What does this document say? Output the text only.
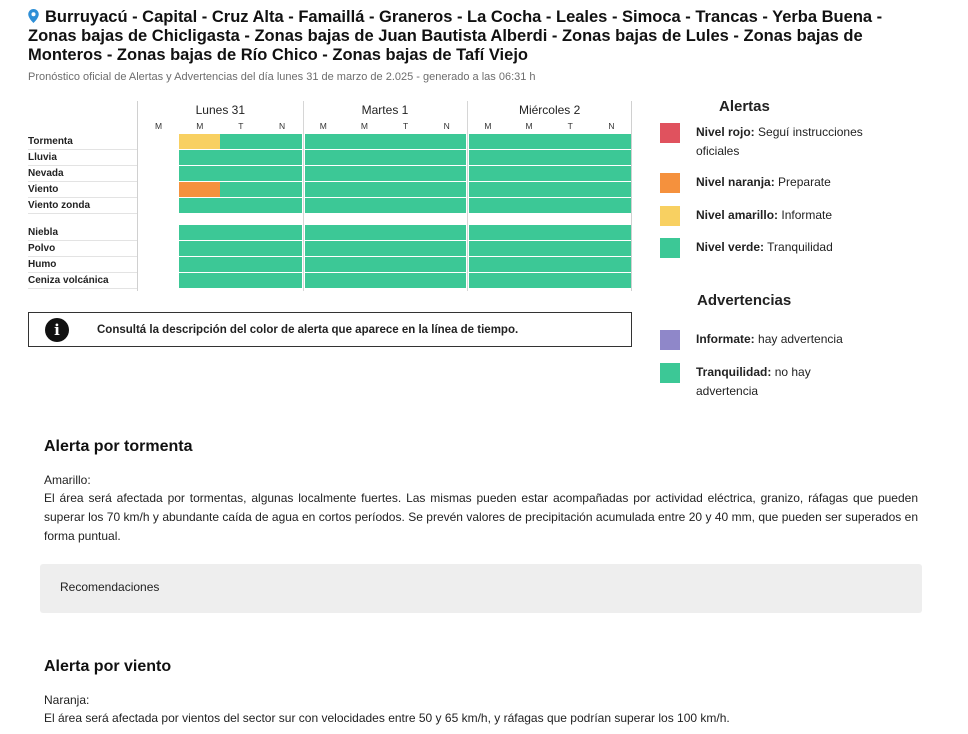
Burruyacú - Capital - Cruz Alta - Famaillá - Graneros - La Cocha - Leales - Simoca - Trancas - Yerba Buena - Zonas bajas de Chicligasta - Zonas bajas de Juan Bautista Alberdi - Zonas bajas de Lules - Zonas bajas de Monteros - Zonas bajas de Río Chico - Zonas bajas de Tafí Viejo
Pronóstico oficial de Alertas y Advertencias del día lunes 31 de marzo de 2.025 - generado a las 06:31 h
Lunes 31	Martes 1	Miércoles 2
M	M	T	N	M	M	T	N	M	M	T	N
Tormenta
Lluvia
Nevada
Viento
Viento zonda
Niebla
Polvo
Humo
Ceniza volcánica
i	Consultá la descripción del color de alerta que aparece en la línea de tiempo.
Alertas
Nivel rojo: Seguí instrucciones oficiales
Nivel naranja: Preparate
Nivel amarillo: Informate
Nivel verde: Tranquilidad
Advertencias
Informate: hay advertencia
Tranquilidad: no hay advertencia
Alerta por tormenta
Amarillo:
El área será afectada por tormentas, algunas localmente fuertes. Las mismas pueden estar acompañadas por actividad eléctrica, granizo, ráfagas que pueden superar los 70 km/h y abundante caída de agua en cortos períodos. Se prevén valores de precipitación acumulada entre 20 y 40 mm, que pueden ser superados en forma puntual.
Recomendaciones
Alerta por viento
Naranja:
El área será afectada por vientos del sector sur con velocidades entre 50 y 65 km/h, y ráfagas que podrían superar los 100 km/h.
